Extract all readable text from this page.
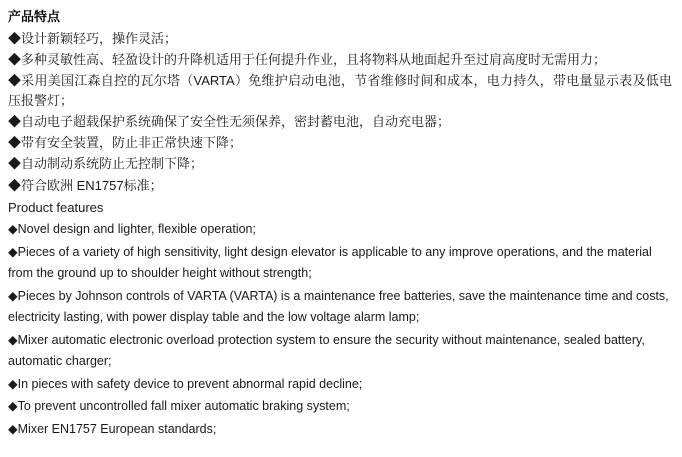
产品特点
◆设计新颖轻巧，操作灵活；
◆多种灵敏性高、轻盈设计的升降机适用于任何提升作业，且将物料从地面起升至过肩高度时无需用力；
◆采用美国江森自控的瓦尔塔（VARTA）免维护启动电池，节省维修时间和成本，电力持久，带电量显示表及低电压报警灯；
◆自动电子超载保护系统确保了安全性无须保养，密封蓄电池，自动充电器；
◆带有安全装置，防止非正常快速下降；
◆自动制动系统防止无控制下降；
◆符合欧洲 EN1757标准；
Product features
◆Novel design and lighter, flexible operation;
◆Pieces of a variety of high sensitivity, light design elevator is applicable to any improve operations, and the material from the ground up to shoulder height without strength;
◆Pieces by Johnson controls of VARTA (VARTA) is a maintenance free batteries, save the maintenance time and costs, electricity lasting, with power display table and the low voltage alarm lamp;
◆Mixer automatic electronic overload protection system to ensure the security without maintenance, sealed battery, automatic charger;
◆In pieces with safety device to prevent abnormal rapid decline;
◆To prevent uncontrolled fall mixer automatic braking system;
◆Mixer EN1757 European standards;
